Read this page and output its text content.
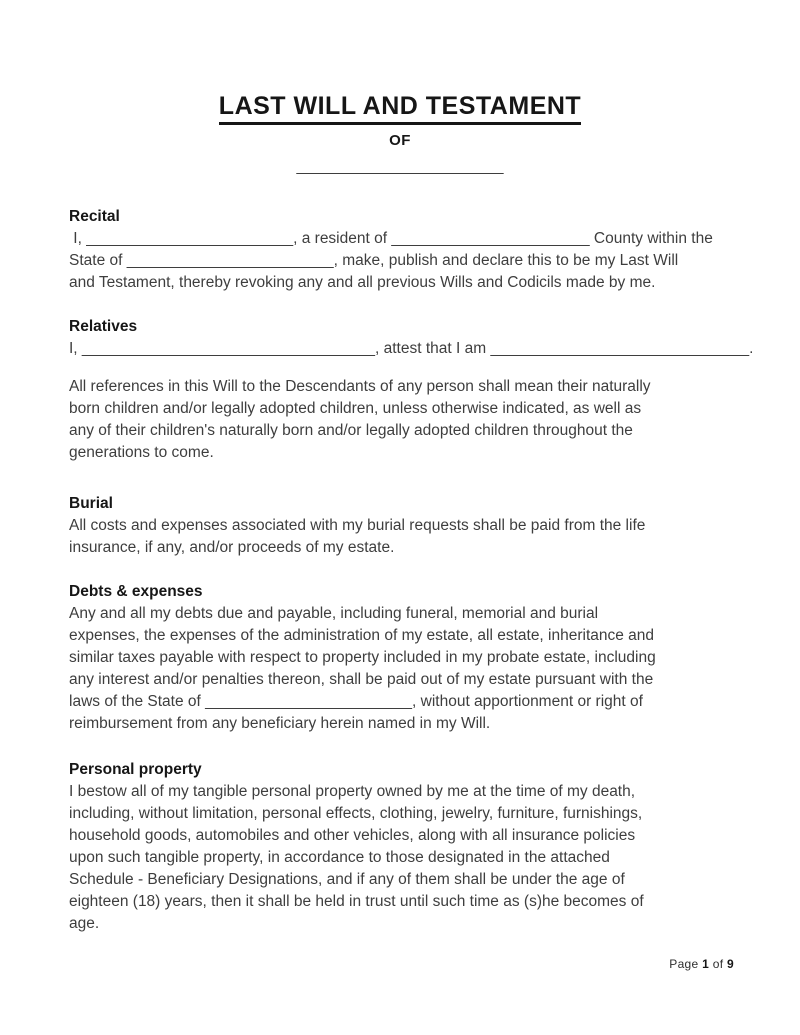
LAST WILL AND TESTAMENT
OF
________________________
Recital
I, ________________________, a resident of _______________________ County within the
State of ________________________, make, publish and declare this to be my Last Will
and Testament, thereby revoking any and all previous Wills and Codicils made by me.
Relatives
I, __________________________________, attest that I am ______________________________.
All references in this Will to the Descendants of any person shall mean their naturally
born children and/or legally adopted children, unless otherwise indicated, as well as
any of their children's naturally born and/or legally adopted children throughout the
generations to come.
Burial
All costs and expenses associated with my burial requests shall be paid from the life
insurance, if any, and/or proceeds of my estate.
Debts & expenses
Any and all my debts due and payable, including funeral, memorial and burial
expenses, the expenses of the administration of my estate, all estate, inheritance and
similar taxes payable with respect to property included in my probate estate, including
any interest and/or penalties thereon, shall be paid out of my estate pursuant with the
laws of the State of ________________________, without apportionment or right of
reimbursement from any beneficiary herein named in my Will.
Personal property
I bestow all of my tangible personal property owned by me at the time of my death,
including, without limitation, personal effects, clothing, jewelry, furniture, furnishings,
household goods, automobiles and other vehicles, along with all insurance policies
upon such tangible property, in accordance to those designated in the attached
Schedule - Beneficiary Designations, and if any of them shall be under the age of
eighteen (18) years, then it shall be held in trust until such time as (s)he becomes of
age.
Page 1 of 9
